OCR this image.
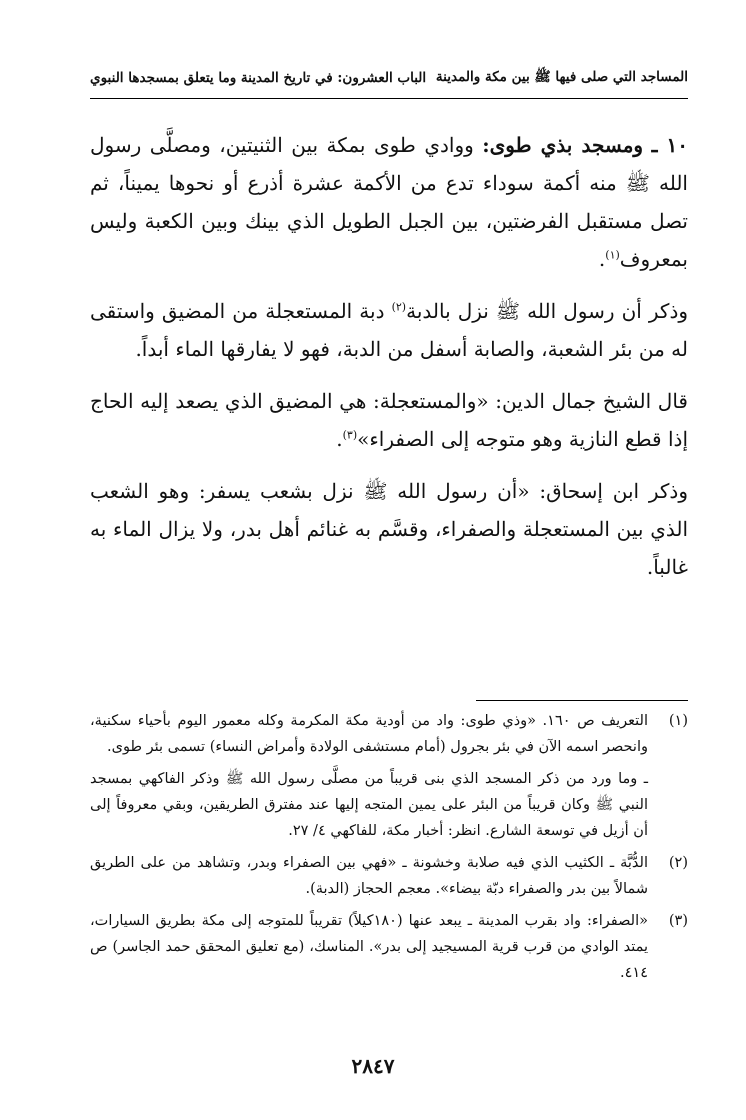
المساجد التي صلى فيها ﷺ بين مكة والمدينة
الباب العشرون: في تاريخ المدينة وما يتعلق بمسجدها النبوي

١٠ ـ ومسجد بذي طوى: ووادي طوى بمكة بين الثنيتين، ومصلَّى رسول الله ﷺ منه أكمة سوداء تدع من الأكمة عشرة أذرع أو نحوها يميناً، ثم تصل مستقبل الفرضتين، بين الجبل الطويل الذي بينك وبين الكعبة وليس بمعروف$^{(١)}$.

وذكر أن رسول الله ﷺ نزل بالدبة$^{(٢)}$ دبة المستعجلة من المضيق واستقى له من بئر الشعبة، والصابة أسفل من الدبة، فهو لا يفارقها الماء أبداً.

قال الشيخ جمال الدين: «والمستعجلة: هي المضيق الذي يصعد إليه الحاج إذا قطع النازية وهو متوجه إلى الصفراء»$^{(٣)}$.

وذكر ابن إسحاق: «أن رسول الله ﷺ نزل بشعب يسفر: وهو الشعب الذي بين المستعجلة والصفراء، وقسَّم به غنائم أهل بدر، ولا يزال الماء به غالباً.

(١)
التعريف ص ١٦٠. «وذي طوى: واد من أودية مكة المكرمة وكله معمور اليوم بأحياء سكنية، وانحصر اسمه الآن في بئر بجرول (أمام مستشفى الولادة وأمراض النساء) تسمى بئر طوى.
ـ وما ورد من ذكر المسجد الذي بنى قريباً من مصلَّى رسول الله ﷺ وذكر الفاكهي بمسجد النبي ﷺ وكان قريباً من البئر على يمين المتجه إليها عند مفترق الطريقين، وبقي معروفاً إلى أن أزيل في توسعة الشارع. انظر: أخبار مكة، للفاكهي ٤/ ٢٧.
(٢)
الدُّبَّة ـ الكثيب الذي فيه صلابة وخشونة ـ «فهي بين الصفراء وبدر، وتشاهد من على الطريق شمالاً بين بدر والصفراء دبّة بيضاء». معجم الحجاز (الدبة).
(٣)
«الصفراء: واد بقرب المدينة ـ يبعد عنها (١٨٠كيلاً) تقريباً للمتوجه إلى مكة بطريق السيارات، يمتد الوادي من قرب قرية المسيجيد إلى بدر». المناسك، (مع تعليق المحقق حمد الجاسر) ص ٤١٤.
٢٨٤٧
